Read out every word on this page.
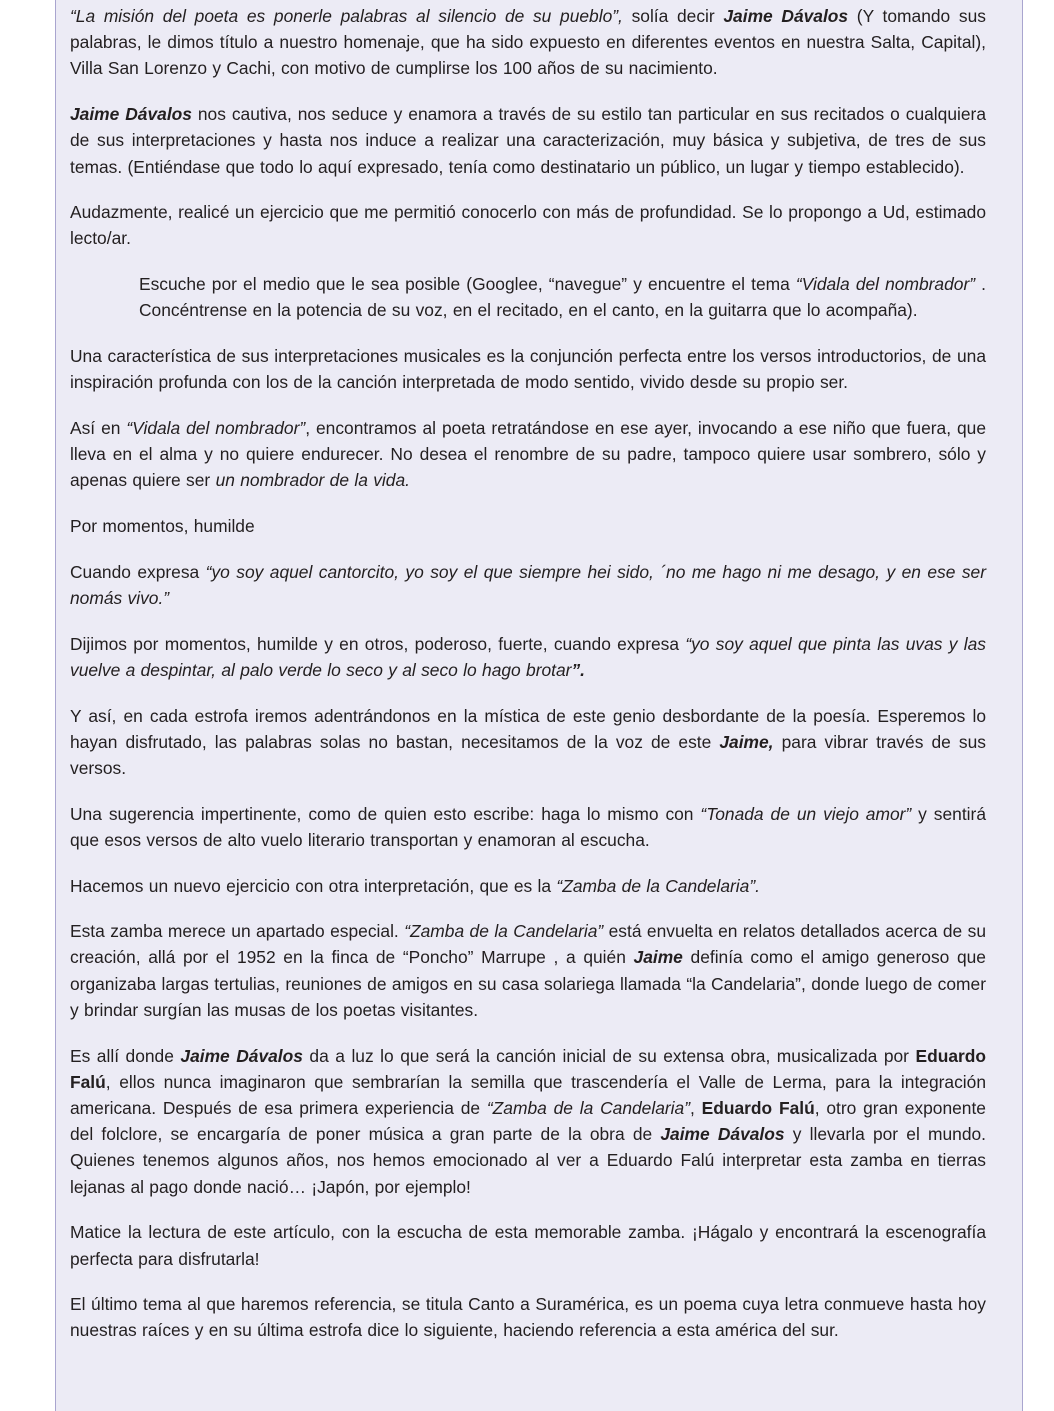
“La misión del poeta es ponerle palabras al silencio de su pueblo”, solía decir Jaime Dávalos (Y tomando sus palabras, le dimos título a nuestro homenaje, que ha sido expuesto en diferentes eventos en nuestra Salta, Capital), Villa San Lorenzo y Cachi, con motivo de cumplirse los 100 años de su nacimiento.

Jaime Dávalos nos cautiva, nos seduce y enamora a través de su estilo tan particular en sus recitados o cualquiera de sus interpretaciones y hasta nos induce a realizar una caracterización, muy básica y subjetiva, de tres de sus temas. (Entiéndase que todo lo aquí expresado, tenía como destinatario un público, un lugar y tiempo establecido).

Audazmente, realicé un ejercicio que me permitió conocerlo con más de profundidad. Se lo propongo a Ud, estimado lecto/ar.

Escuche por el medio que le sea posible (Googlee, “navegue” y encuentre el tema “Vidala del nombrador” . Concéntrense en la potencia de su voz, en el recitado, en el canto, en la guitarra que lo acompaña).

Una característica de sus interpretaciones musicales es la conjunción perfecta entre los versos introductorios, de una inspiración profunda con los de la canción interpretada de modo sentido, vivido desde su propio ser.

Así en “Vidala del nombrador”, encontramos al poeta retratándose en ese ayer, invocando a ese niño que fuera, que lleva en el alma y no quiere endurecer. No desea el renombre de su padre, tampoco quiere usar sombrero, sólo y apenas quiere ser un nombrador de la vida.

Por momentos, humilde

Cuando expresa “yo soy aquel cantorcito, yo soy el que siempre hei sido, ´no me hago ni me desago, y en ese ser nomás vivo.”

Dijimos por momentos, humilde y en otros, poderoso, fuerte, cuando expresa “yo soy aquel que pinta las uvas y las vuelve a despintar, al palo verde lo seco y al seco lo hago brotar”.

Y así, en cada estrofa iremos adentrándonos en la mística de este genio desbordante de la poesía. Esperemos lo hayan disfrutado, las palabras solas no bastan, necesitamos de la voz de este Jaime, para vibrar través de sus versos.

Una sugerencia impertinente, como de quien esto escribe: haga lo mismo con “Tonada de un viejo amor” y sentirá que esos versos de alto vuelo literario transportan y enamoran al escucha.

Hacemos un nuevo ejercicio con otra interpretación, que es la “Zamba de la Candelaria”.

Esta zamba merece un apartado especial. “Zamba de la Candelaria” está envuelta en relatos detallados acerca de su creación, allá por el 1952 en la finca de “Poncho” Marrupe , a quién Jaime definía como el amigo generoso que organizaba largas tertulias, reuniones de amigos en su casa solariega llamada “la Candelaria”, donde luego de comer y brindar surgían las musas de los poetas visitantes.

Es allí donde Jaime Dávalos da a luz lo que será la canción inicial de su extensa obra, musicalizada por Eduardo Falú, ellos nunca imaginaron que sembrarían la semilla que trascendería el Valle de Lerma, para la integración americana. Después de esa primera experiencia de “Zamba de la Candelaria”, Eduardo Falú, otro gran exponente del folclore, se encargaría de poner música a gran parte de la obra de Jaime Dávalos y llevarla por el mundo. Quienes tenemos algunos años, nos hemos emocionado al ver a Eduardo Falú interpretar esta zamba en tierras lejanas al pago donde nació… ¡Japón, por ejemplo!

Matice la lectura de este artículo, con la escucha de esta memorable zamba. ¡Hágalo y encontrará la escenografía perfecta para disfrutarla!

El último tema al que haremos referencia, se titula Canto a Suramérica, es un poema cuya letra conmueve hasta hoy nuestras raíces y en su última estrofa dice lo siguiente, haciendo referencia a esta américa del sur.
